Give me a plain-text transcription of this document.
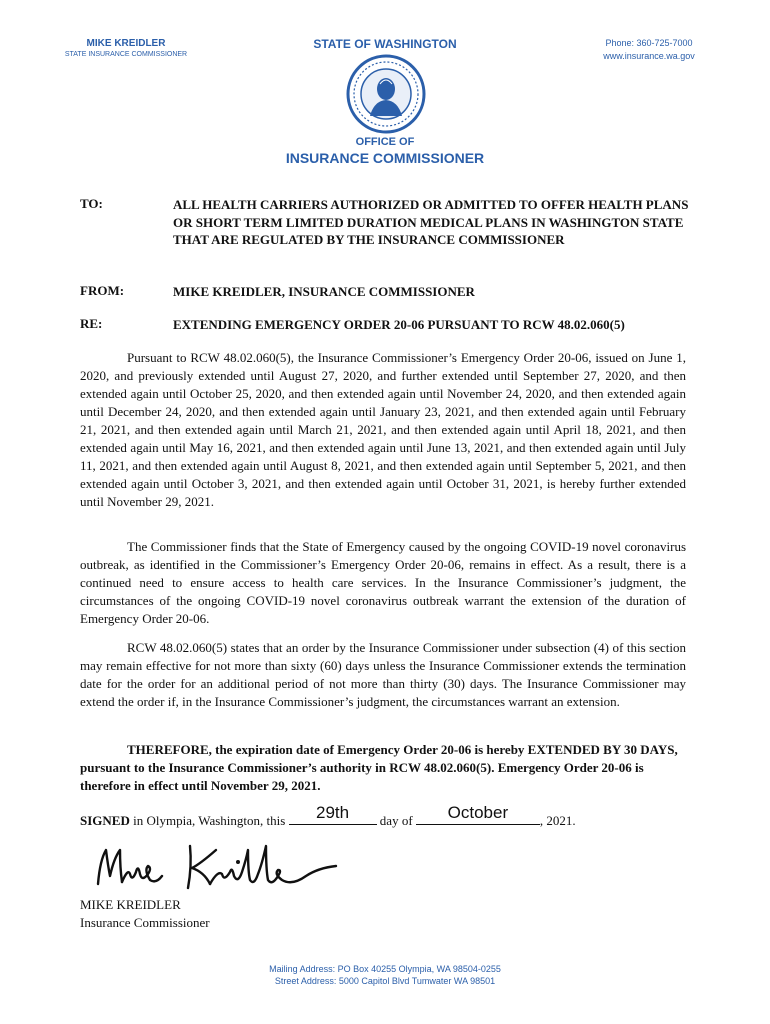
MIKE KREIDLER
STATE INSURANCE COMMISSIONER
STATE OF WASHINGTON	Phone: 360-725-7000
www.insurance.wa.gov
OFFICE OF
INSURANCE COMMISSIONER
TO:	ALL HEALTH CARRIERS AUTHORIZED OR ADMITTED TO OFFER HEALTH PLANS OR SHORT TERM LIMITED DURATION MEDICAL PLANS IN WASHINGTON STATE THAT ARE REGULATED BY THE INSURANCE COMMISSIONER
FROM:	MIKE KREIDLER, INSURANCE COMMISSIONER
RE:	EXTENDING EMERGENCY ORDER 20-06 PURSUANT TO RCW 48.02.060(5)
Pursuant to RCW 48.02.060(5), the Insurance Commissioner’s Emergency Order 20-06, issued on June 1, 2020, and previously extended until August 27, 2020, and further extended until September 27, 2020, and then extended again until October 25, 2020, and then extended again until November 24, 2020, and then extended again until December 24, 2020, and then extended again until January 23, 2021, and then extended again until February 21, 2021, and then extended again until March 21, 2021, and then extended again until April 18, 2021, and then extended again until May 16, 2021, and then extended again until June 13, 2021, and then extended again until July 11, 2021, and then extended again until August 8, 2021, and then extended again until September 5, 2021, and then extended again until October 3, 2021, and then extended again until October 31, 2021, is hereby further extended until November 29, 2021.
The Commissioner finds that the State of Emergency caused by the ongoing COVID-19 novel coronavirus outbreak, as identified in the Commissioner’s Emergency Order 20-06, remains in effect. As a result, there is a continued need to ensure access to health care services. In the Insurance Commissioner’s judgment, the circumstances of the ongoing COVID-19 novel coronavirus outbreak warrant the extension of the duration of Emergency Order 20-06.
RCW 48.02.060(5) states that an order by the Insurance Commissioner under subsection (4) of this section may remain effective for not more than sixty (60) days unless the Insurance Commissioner extends the termination date for the order for an additional period of not more than thirty (30) days. The Insurance Commissioner may extend the order if, in the Insurance Commissioner’s judgment, the circumstances warrant an extension.
THEREFORE, the expiration date of Emergency Order 20-06 is hereby EXTENDED BY 30 DAYS, pursuant to the Insurance Commissioner’s authority in RCW 48.02.060(5). Emergency Order 20-06 is therefore in effect until November 29, 2021.
SIGNED in Olympia, Washington, this	29th	day of	October	, 2021.
MIKE KREIDLER
Insurance Commissioner
Mailing Address: PO Box 40255 Olympia, WA 98504-0255
Street Address: 5000 Capitol Blvd Tumwater WA 98501
